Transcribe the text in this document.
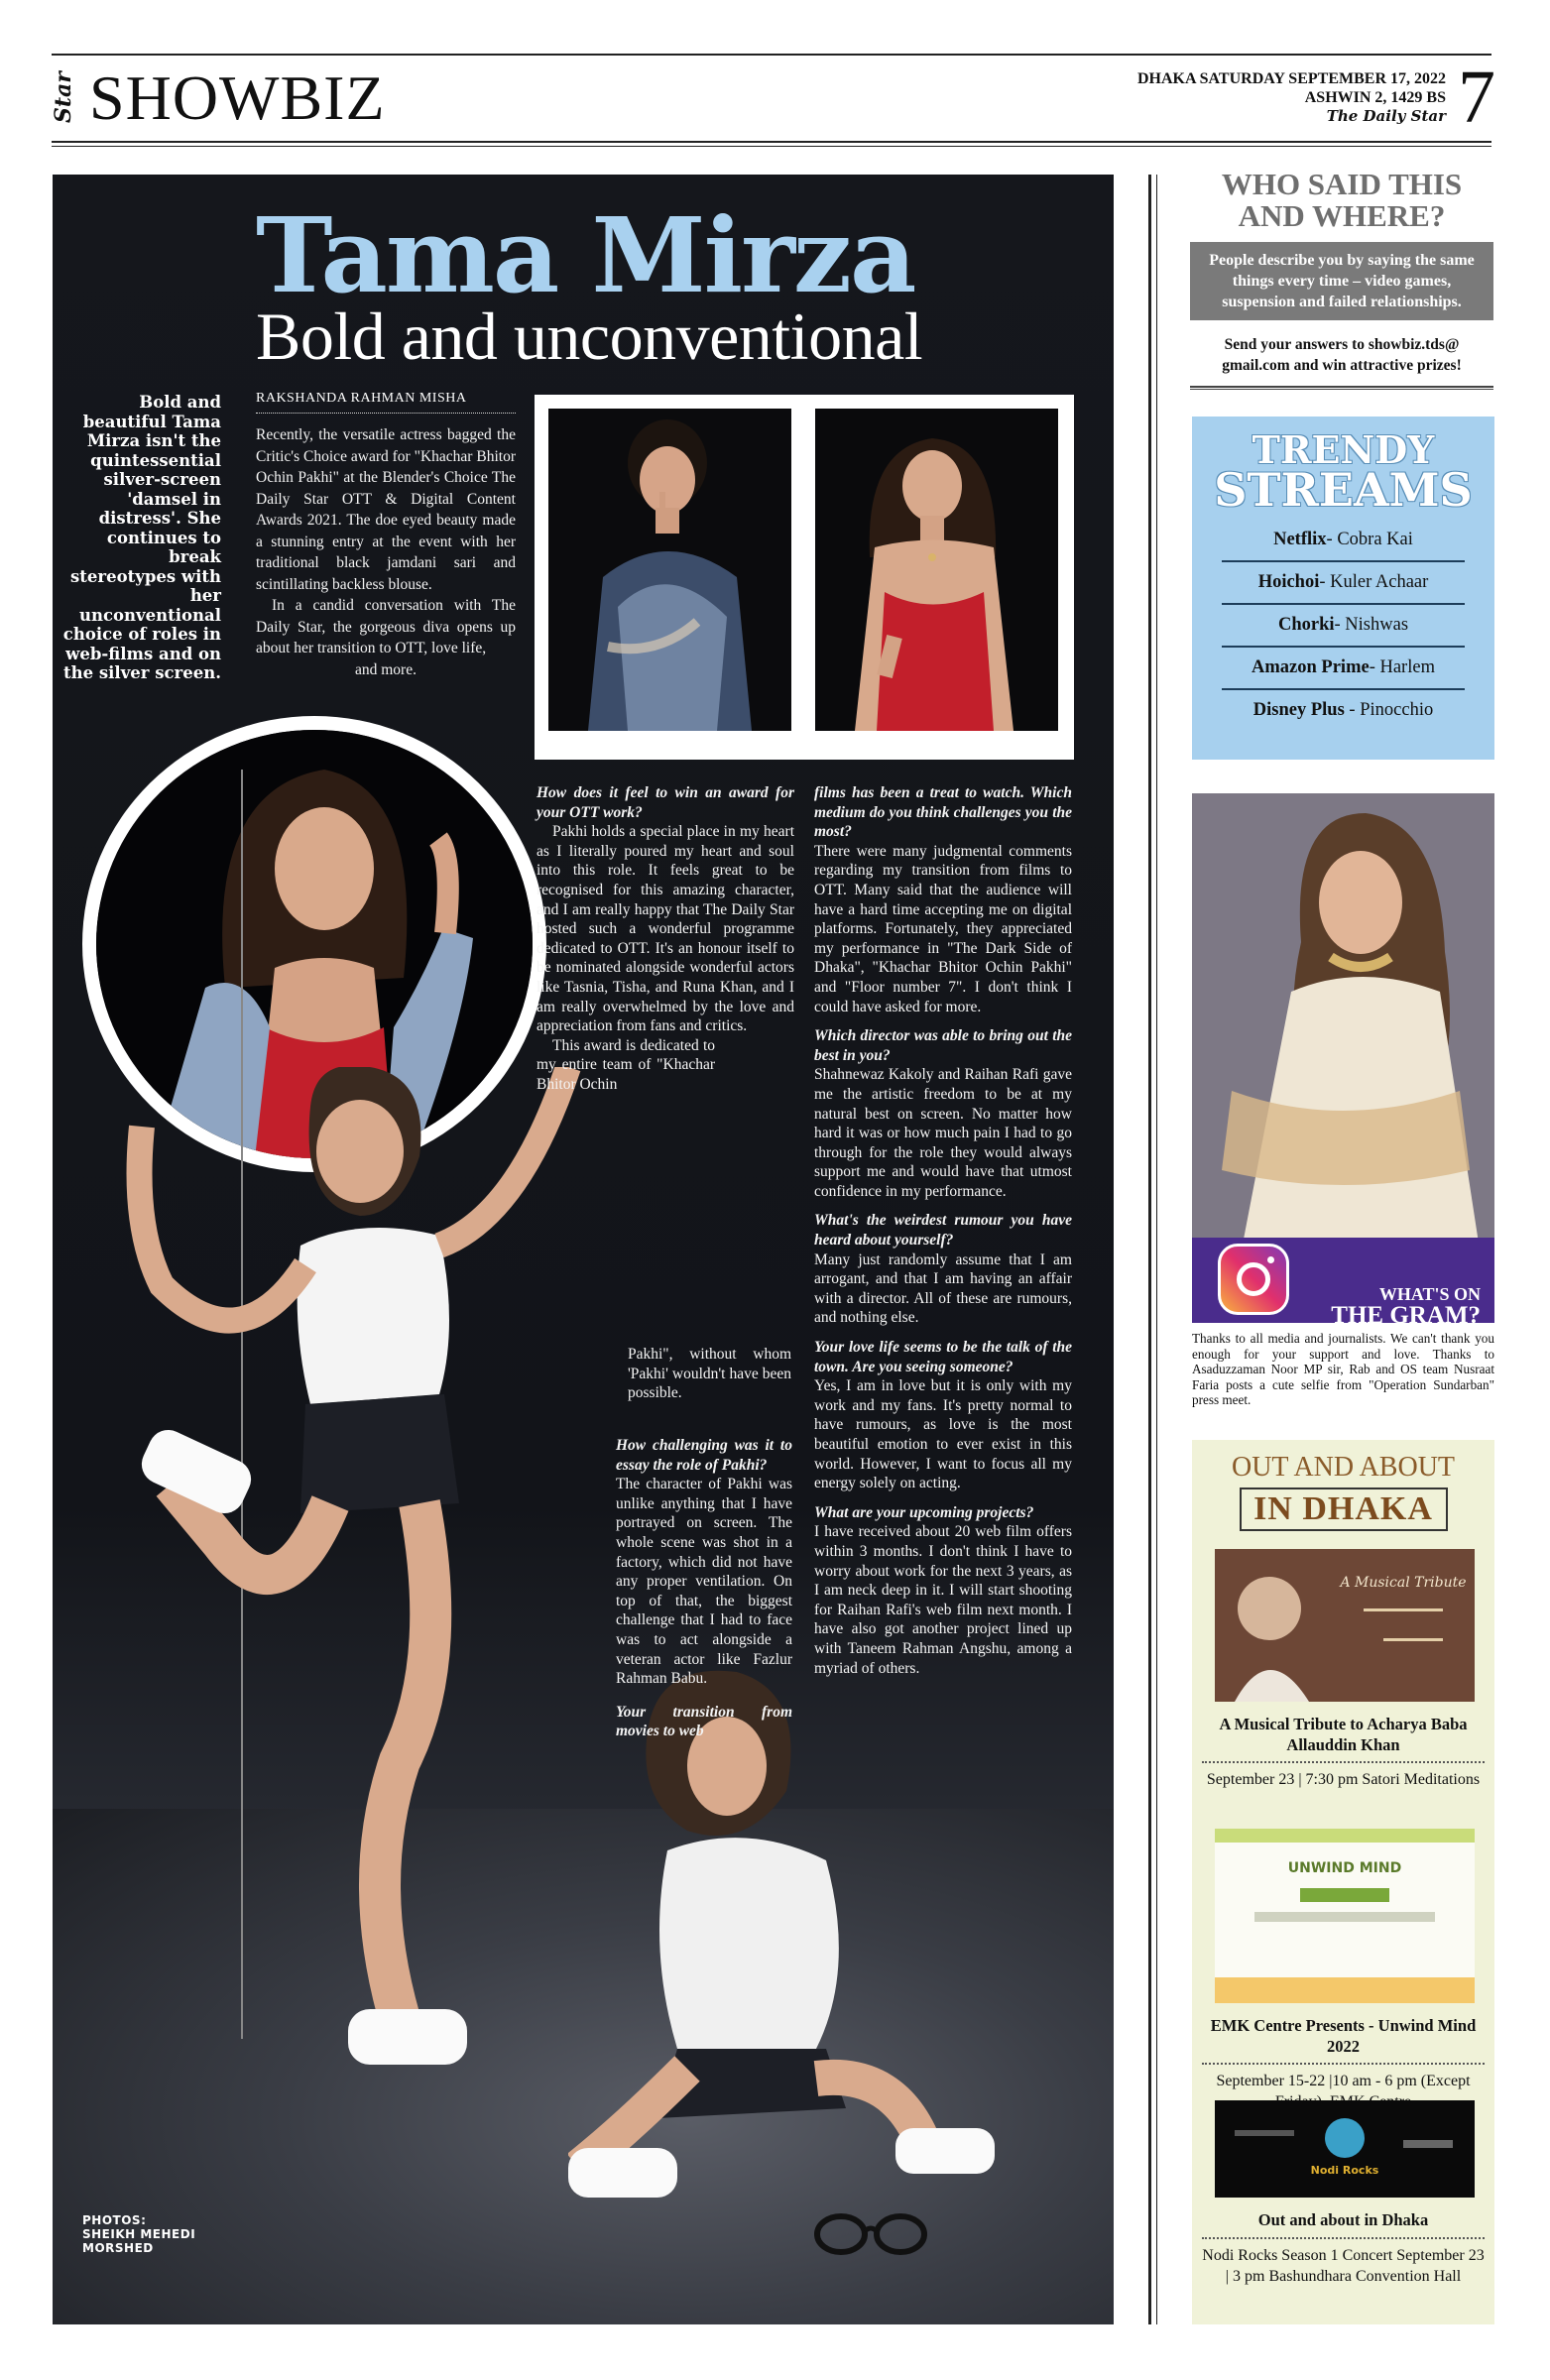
Star SHOWBIZ	DHAKA SATURDAY SEPTEMBER 17, 2022
ASHWIN 2, 1429 BS
The Daily Star 7
Tama Mirza
Bold and unconventional
Bold and beautiful Tama Mirza isn't the quintessential silver-screen 'damsel in distress'. She continues to break stereotypes with her unconventional choice of roles in web-films and on the silver screen.
RAKSHANDA RAHMAN MISHA

Recently, the versatile actress bagged the Critic's Choice award for "Khachar Bhitor Ochin Pakhi" at the Blender's Choice The Daily Star OTT & Digital Content Awards 2021. The doe eyed beauty made a stunning entry at the event with her traditional black jamdani sari and scintillating backless blouse.

In a candid conversation with The Daily Star, the gorgeous diva opens up about her transition to OTT, love life,

and more.

How does it feel to win an award for your OTT work?
Pakhi holds a special place in my heart as I literally poured my heart and soul into this role. It feels great to be recognised for this amazing character, and I am really happy that The Daily Star hosted such a wonderful programme dedicated to OTT. It's an honour itself to be nominated alongside wonderful actors like Tasnia, Tisha, and Runa Khan, and I am really overwhelmed by the love and appreciation from fans and critics.
This award is dedicated to my entire team of "Khachar Bhitor Ochin
Pakhi", without whom 'Pakhi' wouldn't have been possible.
How challenging was it to essay the role of Pakhi?
The character of Pakhi was unlike anything that I have portrayed on screen. The whole scene was shot in a factory, which did not have any proper ventilation. On top of that, the biggest challenge that I had to face was to act alongside a veteran actor like Fazlur Rahman Babu.
Your transition from movies to web
films has been a treat to watch. Which medium do you think challenges you the most?
There were many judgmental comments regarding my transition from films to OTT. Many said that the audience will have a hard time accepting me on digital platforms. Fortunately, they appreciated my performance in "The Dark Side of Dhaka", "Khachar Bhitor Ochin Pakhi" and "Floor number 7". I don't think I could have asked for more.
Which director was able to bring out the best in you?
Shahnewaz Kakoly and Raihan Rafi gave me the artistic freedom to be at my natural best on screen. No matter how hard it was or how much pain I had to go through for the role they would always support me and would have that utmost confidence in my performance.
What's the weirdest rumour you have heard about yourself?
Many just randomly assume that I am arrogant, and that I am having an affair with a director. All of these are rumours, and nothing else.
Your love life seems to be the talk of the town. Are you seeing someone?
Yes, I am in love but it is only with my work and my fans. It's pretty normal to have rumours, as love is the most beautiful emotion to ever exist in this world. However, I want to focus all my energy solely on acting.
What are your upcoming projects?
I have received about 20 web film offers within 3 months. I don't think I have to worry about work for the next 3 years, as I am neck deep in it. I will start shooting for Raihan Rafi's web film next month. I have also got another project lined up with Taneem Rahman Angshu, among a myriad of others.
PHOTOS:
SHEIKH MEHEDI MORSHED
WHO SAID THIS AND WHERE?
People describe you by saying the same things every time – video games, suspension and failed relationships.
Send your answers to showbiz.tds@ gmail.com and win attractive prizes!
TRENDY
STREAMS
Netflix- Cobra Kai
Hoichoi- Kuler Achaar
Chorki- Nishwas
Amazon Prime- Harlem
Disney Plus - Pinocchio
WHAT'S ON
THE GRAM?
Thanks to all media and journalists. We can't thank you enough for your support and love. Thanks to Asaduzzaman Noor MP sir, Rab and OS team Nusraat Faria posts a cute selfie from "Operation Sundarban" press meet.
OUT AND ABOUT
IN DHAKA
A Musical Tribute
A Musical Tribute to Acharya Baba Allauddin Khan
September 23 | 7:30 pm Satori Meditations
UNWIND MIND
EMK Centre Presents - Unwind Mind 2022
September 15-22 |10 am - 6 pm (Except
Nodi Rocks
Out and about in Dhaka
Nodi Rocks Season 1 Concert September 23 | 3 pm Bashundhara Convention Hall
